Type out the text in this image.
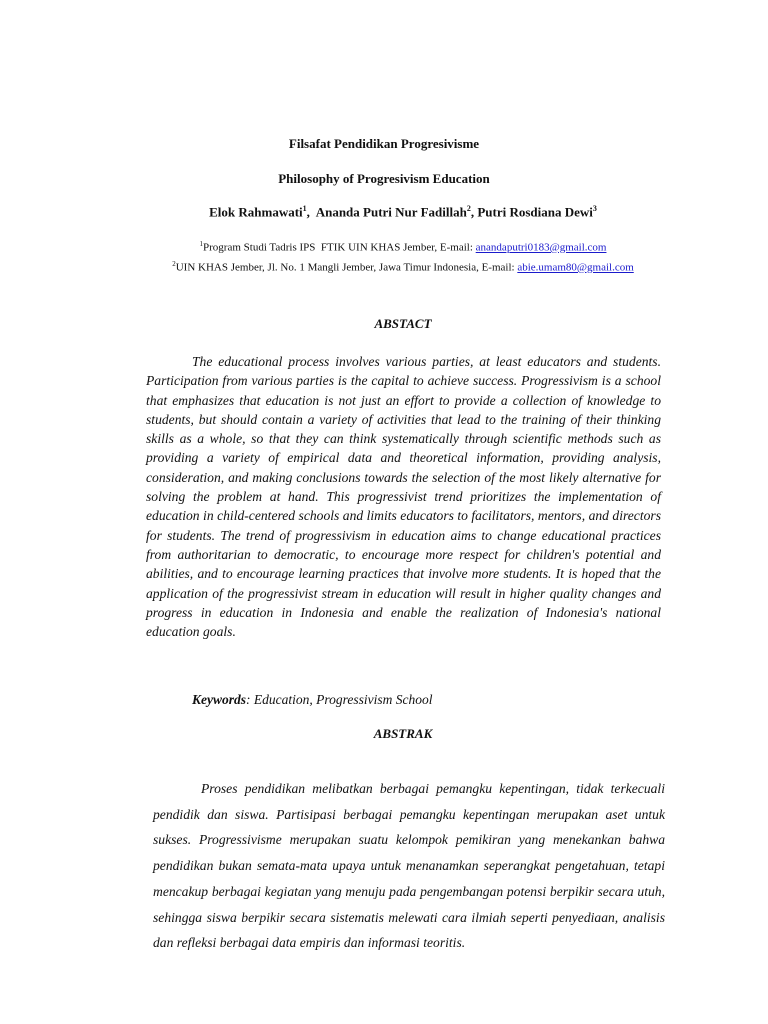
Filsafat Pendidikan Progresivisme
Philosophy of Progresivism Education
Elok Rahmawati$^1$,  Ananda Putri Nur Fadillah$^2$, Putri Rosdiana Dewi$^3$
$^1$Program Studi Tadris IPS  FTIK UIN KHAS Jember, E-mail: anandaputri0183@gmail.com
$^2$UIN KHAS Jember, Jl. No. 1 Mangli Jember, Jawa Timur Indonesia, E-mail: abie.umam80@gmail.com
ABSTACT

The educational process involves various parties, at least educators and students. Participation from various parties is the capital to achieve success. Progressivism is a school that emphasizes that education is not just an effort to provide a collection of knowledge to students, but should contain a variety of activities that lead to the training of their thinking skills as a whole, so that they can think systematically through scientific methods such as providing a variety of empirical data and theoretical information, providing analysis, consideration, and making conclusions towards the selection of the most likely alternative for solving the problem at hand. This progressivist trend prioritizes the implementation of education in child-centered schools and limits educators to facilitators, mentors, and directors for students. The trend of progressivism in education aims to change educational practices from authoritarian to democratic, to encourage more respect for children's potential and abilities, and to encourage learning practices that involve more students. It is hoped that the application of the progressivist stream in education will result in higher quality changes and progress in education in Indonesia and enable the realization of Indonesia's national education goals.

Keywords: Education, Progressivism School
ABSTRAK

Proses pendidikan melibatkan berbagai pemangku kepentingan, tidak terkecuali pendidik dan siswa. Partisipasi berbagai pemangku kepentingan merupakan aset untuk sukses. Progressivisme merupakan suatu kelompok pemikiran yang menekankan bahwa pendidikan bukan semata-mata upaya untuk menanamkan seperangkat pengetahuan, tetapi mencakup berbagai kegiatan yang menuju pada pengembangan potensi berpikir secara utuh, sehingga siswa berpikir secara sistematis melewati cara ilmiah seperti penyediaan, analisis dan refleksi berbagai data empiris dan informasi teoritis.
